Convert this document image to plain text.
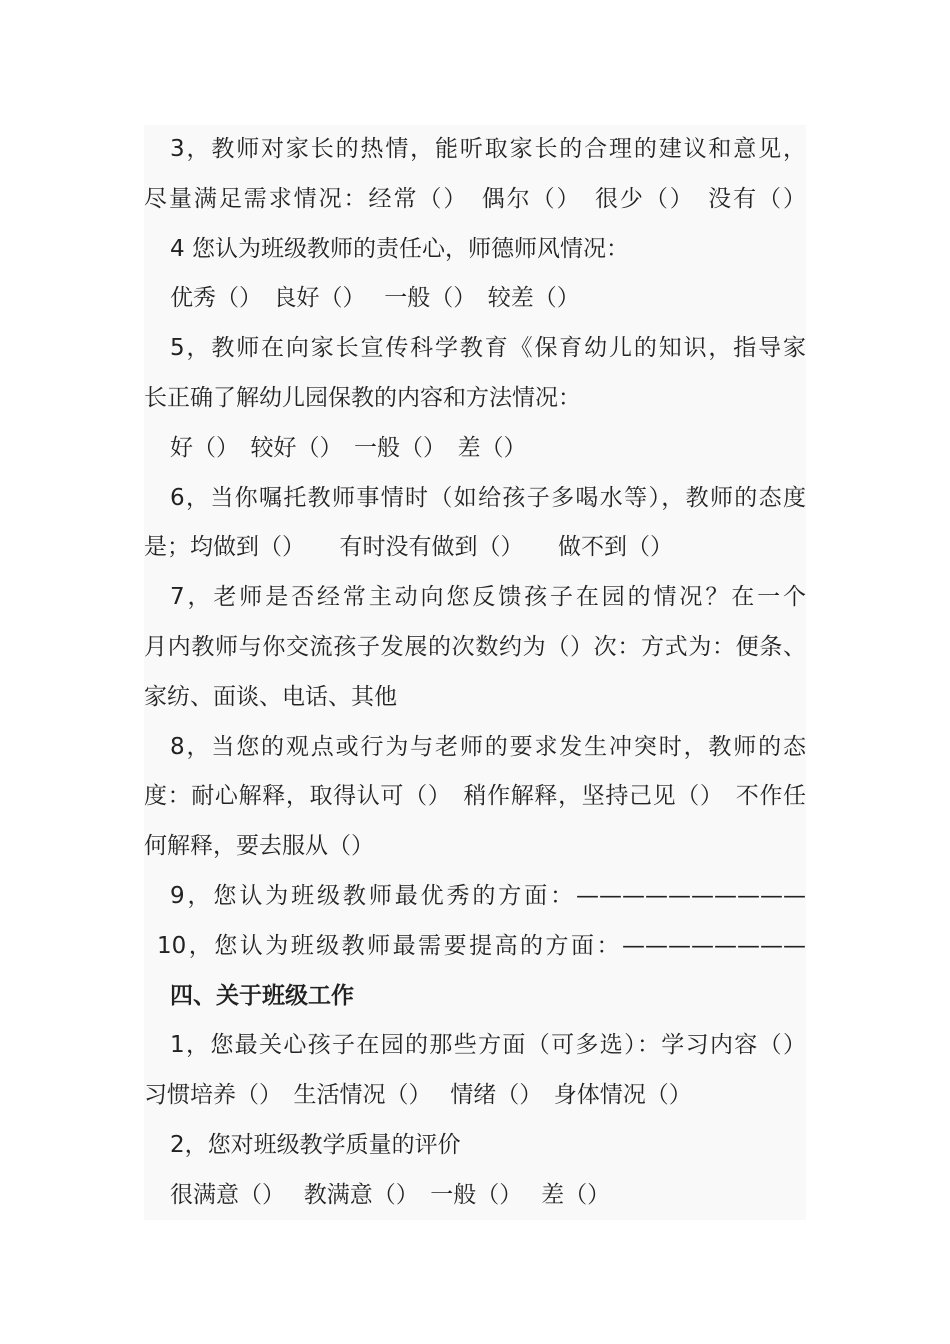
3，教师对家长的热情，能听取家长的合理的建议和意见，
尽量满足需求情况：经常（）　偶尔（）　很少（）　没有（）
4 您认为班级教师的责任心，师德师风情况：
优秀（）　良好（）　 一般（）　较差（）
5，教师在向家长宣传科学教育《保育幼儿的知识，指导家
长正确了解幼儿园保教的内容和方法情况：
好（）　较好（）　一般（）　差（）
6，当你嘱托教师事情时（如给孩子多喝水等），教师的态度
是；均做到（）　　有时没有做到（）　　做不到（）
7，老师是否经常主动向您反馈孩子在园的情况？在一个
月内教师与你交流孩子发展的次数约为（）次：方式为：便条、
家纺、面谈、电话、其他
8，当您的观点或行为与老师的要求发生冲突时，教师的态
度：耐心解释，取得认可（）　稍作解释，坚持己见（）　不作任
何解释，要去服从（）
9，您认为班级教师最优秀的方面：——————————
10，您认为班级教师最需要提高的方面：————————
四、关于班级工作
1，您最关心孩子在园的那些方面（可多选）：学习内容（）
习惯培养（）　生活情况（）　 情绪（）　身体情况（）
2，您对班级教学质量的评价
很满意（）　 教满意（）　一般（）　 差（）
